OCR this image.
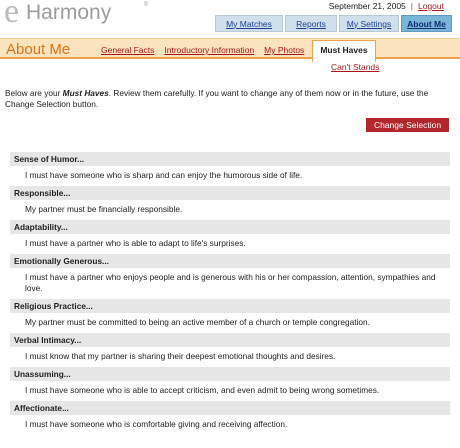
e Harmony	®	September 21, 2005 | Logout
My Matches	Reports	My Settings	About Me
About Me	General Facts Introductory Information My Photos	Must Haves
Can't Stands

Below are your Must Haves. Review them carefully. If you want to change any of them now or in the future, use the Change Selection button.

Change Selection
Sense of Humor...
I must have someone who is sharp and can enjoy the humorous side of life.
Responsible...
My partner must be financially responsible.
Adaptability...
I must have a partner who is able to adapt to life's surprises.
Emotionally Generous...
I must have a partner who enjoys people and is generous with his or her compassion, attention, sympathies and love.
Religious Practice...
My partner must be committed to being an active member of a church or temple congregation.
Verbal Intimacy...
I must know that my partner is sharing their deepest emotional thoughts and desires.
Unassuming...
I must have someone who is able to accept criticism, and even admit to being wrong sometimes.
Affectionate...
I must have someone who is comfortable giving and receiving affection.
